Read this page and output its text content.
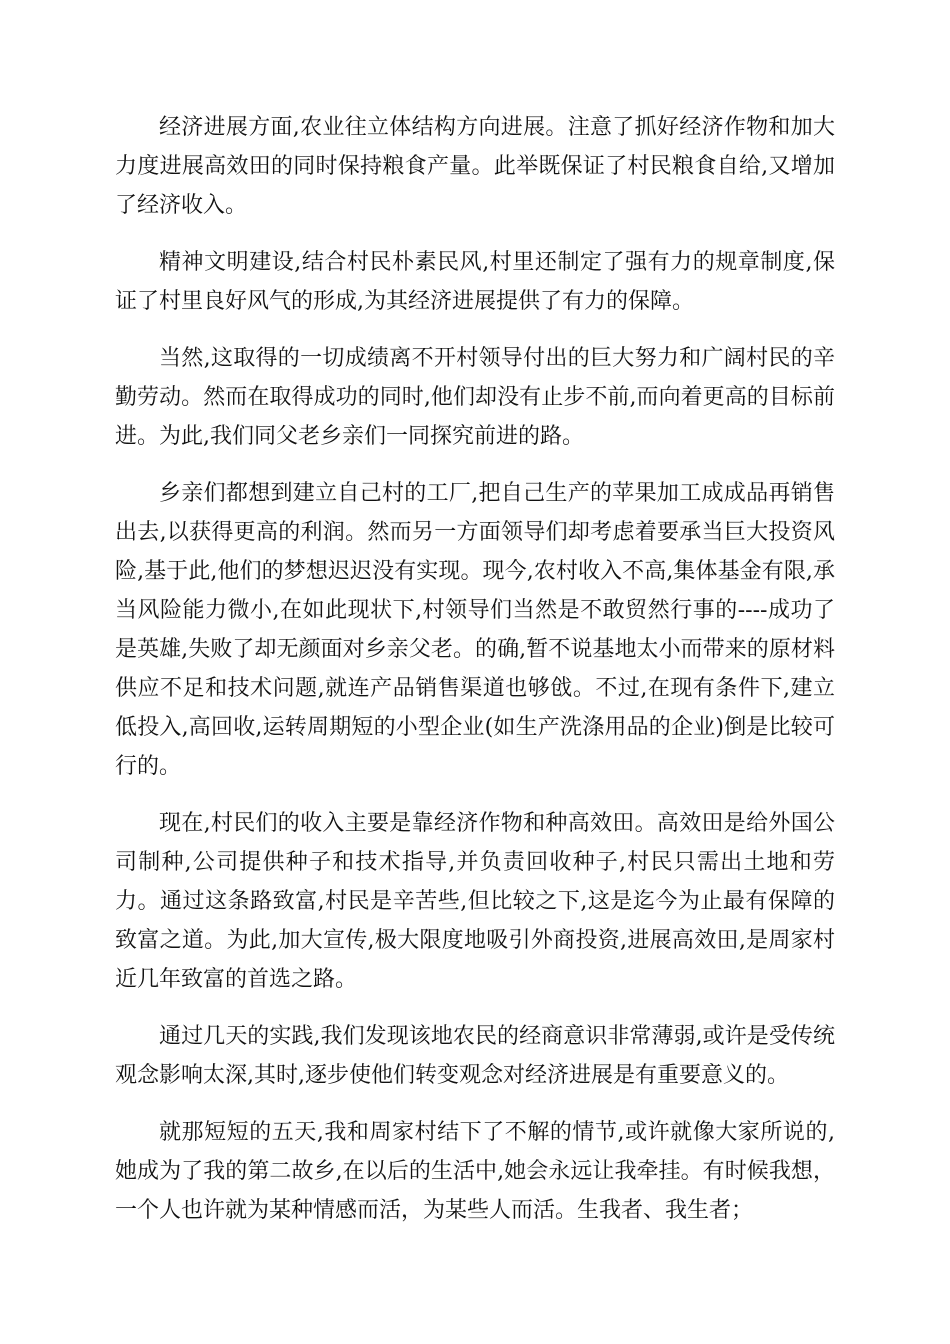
经济进展方面,农业往立体结构方向进展。注意了抓好经济作物和加大力度进展高效田的同时保持粮食产量。此举既保证了村民粮食自给,又增加了经济收入。

精神文明建设,结合村民朴素民风,村里还制定了强有力的规章制度,保证了村里良好风气的形成,为其经济进展提供了有力的保障。

当然,这取得的一切成绩离不开村领导付出的巨大努力和广阔村民的辛勤劳动。然而在取得成功的同时,他们却没有止步不前,而向着更高的目标前进。为此,我们同父老乡亲们一同探究前进的路。

乡亲们都想到建立自己村的工厂,把自己生产的苹果加工成成品再销售出去,以获得更高的利润。然而另一方面领导们却考虑着要承当巨大投资风险,基于此,他们的梦想迟迟没有实现。现今,农村收入不高,集体基金有限,承当风险能力微小,在如此现状下,村领导们当然是不敢贸然行事的----成功了是英雄,失败了却无颜面对乡亲父老。的确,暂不说基地太小而带来的原材料供应不足和技术问题,就连产品销售渠道也够戗。不过,在现有条件下,建立低投入,高回收,运转周期短的小型企业(如生产洗涤用品的企业)倒是比较可行的。

现在,村民们的收入主要是靠经济作物和种高效田。高效田是给外国公司制种,公司提供种子和技术指导,并负责回收种子,村民只需出土地和劳力。通过这条路致富,村民是辛苦些,但比较之下,这是迄今为止最有保障的致富之道。为此,加大宣传,极大限度地吸引外商投资,进展高效田,是周家村近几年致富的首选之路。

通过几天的实践,我们发现该地农民的经商意识非常薄弱,或许是受传统观念影响太深,其时,逐步使他们转变观念对经济进展是有重要意义的。

就那短短的五天,我和周家村结下了不解的情节,或许就像大家所说的,她成为了我的第二故乡,在以后的生活中,她会永远让我牵挂。有时候我想，一个人也许就为某种情感而活，为某些人而活。生我者、我生者；
